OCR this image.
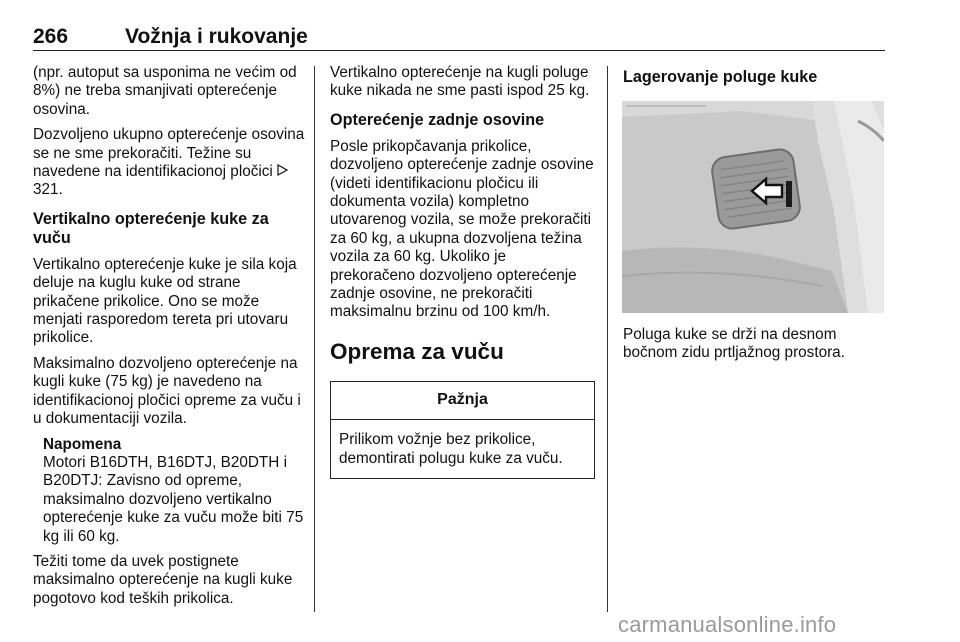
266	Vožnja i rukovanje

(npr. autoput sa usponima ne većim od 8%) ne treba smanjivati opterećenje osovina.

Dozvoljeno ukupno opterećenje osovina se ne sme prekoračiti. Težine su navedene na identifikacionoj pločici  321.

Vertikalno opterećenje kuke za vuču

Vertikalno opterećenje kuke je sila koja deluje na kuglu kuke od strane prikačene prikolice. Ono se može menjati rasporedom tereta pri utovaru prikolice.

Maksimalno dozvoljeno opterećenje na kugli kuke (75 kg) je navedeno na identifikacionoj pločici opreme za vuču i u dokumentaciji vozila.

Napomena
Motori B16DTH, B16DTJ, B20DTH i B20DTJ: Zavisno od opreme, maksimalno dozvoljeno vertikalno opterećenje kuke za vuču može biti 75 kg ili 60 kg.

Težiti tome da uvek postignete maksimalno opterećenje na kugli kuke pogotovo kod teških prikolica.

Vertikalno opterećenje na kugli poluge kuke nikada ne sme pasti ispod 25 kg.

Opterećenje zadnje osovine

Posle prikopčavanja prikolice, dozvoljeno opterećenje zadnje osovine (videti identifikacionu pločicu ili dokumenta vozila) kompletno utovarenog vozila, se može prekoračiti za 60 kg, a ukupna dozvoljena težina vozila za 60 kg. Ukoliko je prekoračeno dozvoljeno opterećenje zadnje osovine, ne prekoračiti maksimalnu brzinu od 100 km/h.

Oprema za vuču
Pažnja
Prilikom vožnje bez prikolice, demontirati polugu kuke za vuču.
Lagerovanje poluge kuke

Poluga kuke se drži na desnom bočnom zidu prtljažnog prostora.

carmanualsonline.info
